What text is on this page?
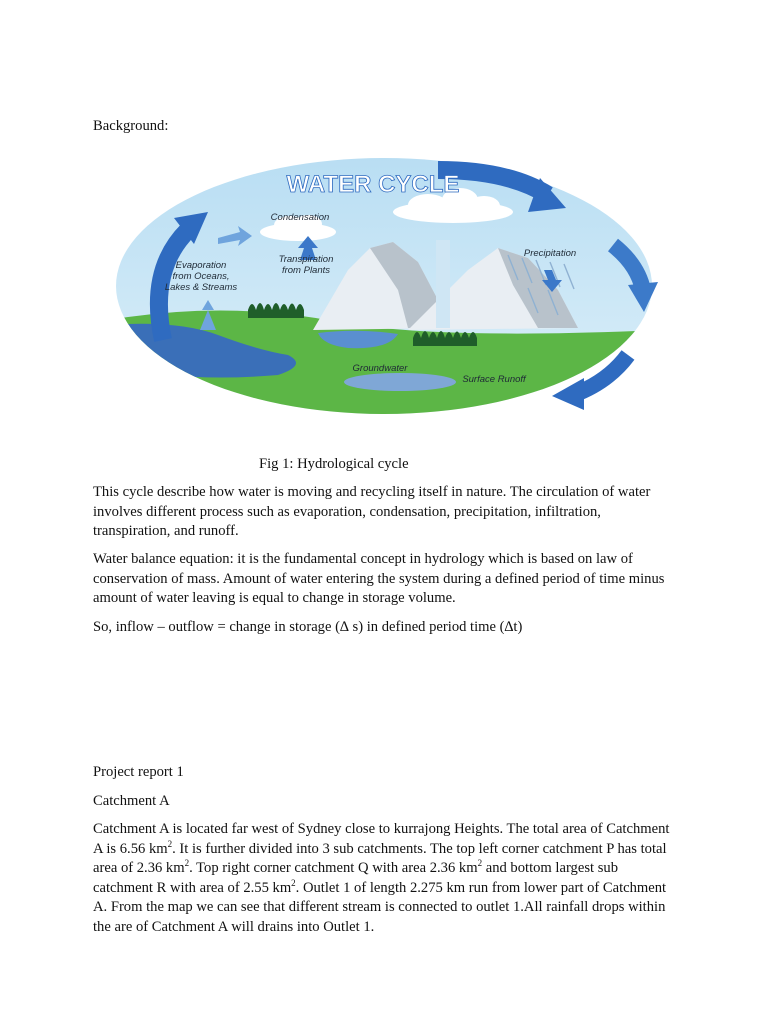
Background:

WATER CYCLE
Condensation
Transpiration
from Plants
Evaporation
from Oceans,
Lakes & Streams
Precipitation
Groundwater
Surface Runoff

Fig 1: Hydrological cycle

This cycle describe how water is moving and recycling itself in nature. The circulation of water involves different process such as evaporation, condensation, precipitation, infiltration, transpiration, and runoff.

Water balance equation: it is the fundamental concept in hydrology which is based on law of conservation of mass. Amount of water entering the system during a defined period of time minus amount of water leaving is equal to change in storage volume.

So, inflow – outflow = change in storage (∆ s) in defined period time (∆t)

Project report 1

Catchment A

Catchment A is located far west of Sydney close to kurrajong Heights. The total area of Catchment A is 6.56 $km^2$. It is further divided into 3 sub catchments. The top left corner catchment P has total area of 2.36 $km^2$. Top right corner catchment Q with area 2.36 $km^2$ and bottom largest sub catchment R with area of 2.55 $km^2$. Outlet 1 of length 2.275 km run from lower part of Catchment A. From the map we can see that different stream is connected to outlet 1.All rainfall drops within the are of Catchment A will drains into Outlet 1.
